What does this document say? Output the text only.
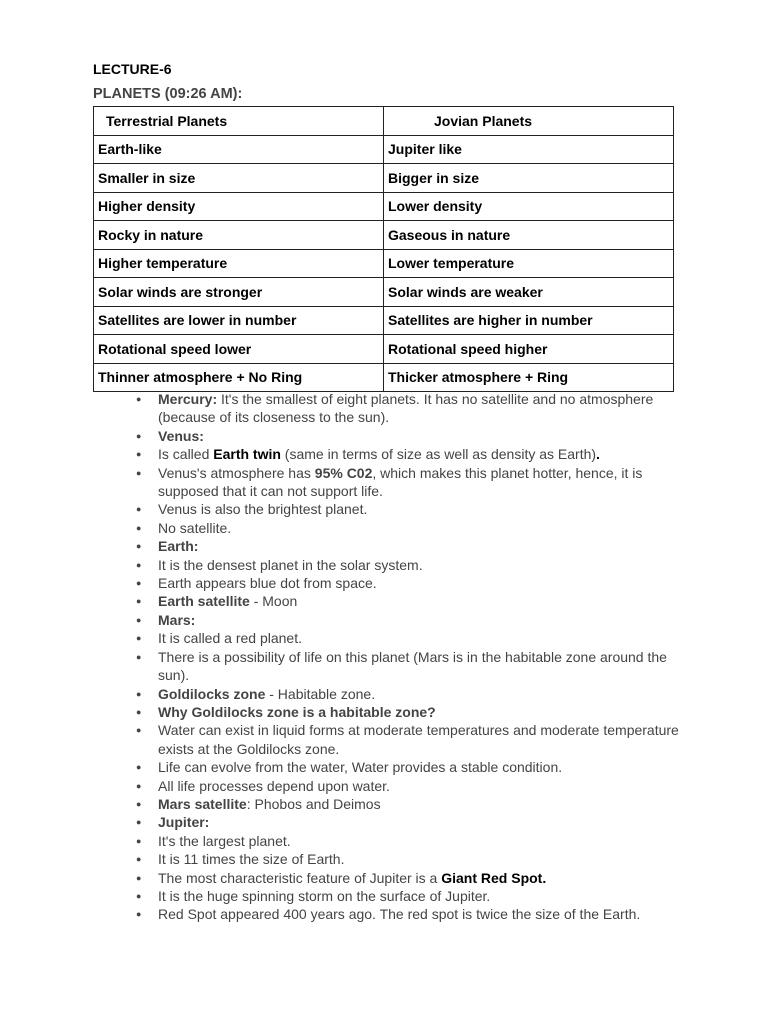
LECTURE-6
PLANETS (09:26 AM):
Terrestrial Planets	Jovian Planets
Earth-like	Jupiter like
Smaller in size	Bigger in size
Higher density	Lower density
Rocky in nature	Gaseous in nature
Higher temperature	Lower temperature
Solar winds are stronger	Solar winds are weaker
Satellites are lower in number	Satellites are higher in number
Rotational speed lower	Rotational speed higher
Thinner atmosphere + No Ring	Thicker atmosphere + Ring
● Mercury: It's the smallest of eight planets. It has no satellite and no atmosphere (because of its closeness to the sun).
● Venus:
● Is called Earth twin (same in terms of size as well as density as Earth).
● Venus's atmosphere has 95% C02, which makes this planet hotter, hence, it is supposed that it can not support life.
● Venus is also the brightest planet.
● No satellite.
● Earth:
● It is the densest planet in the solar system.
● Earth appears blue dot from space.
● Earth satellite - Moon
● Mars:
● It is called a red planet.
● There is a possibility of life on this planet (Mars is in the habitable zone around the sun).
● Goldilocks zone - Habitable zone.
● Why Goldilocks zone is a habitable zone?
● Water can exist in liquid forms at moderate temperatures and moderate temperature exists at the Goldilocks zone.
● Life can evolve from the water, Water provides a stable condition.
● All life processes depend upon water.
● Mars satellite: Phobos and Deimos
● Jupiter:
● It's the largest planet.
● It is 11 times the size of Earth.
● The most characteristic feature of Jupiter is a Giant Red Spot.
● It is the huge spinning storm on the surface of Jupiter.
● Red Spot appeared 400 years ago. The red spot is twice the size of the Earth.
